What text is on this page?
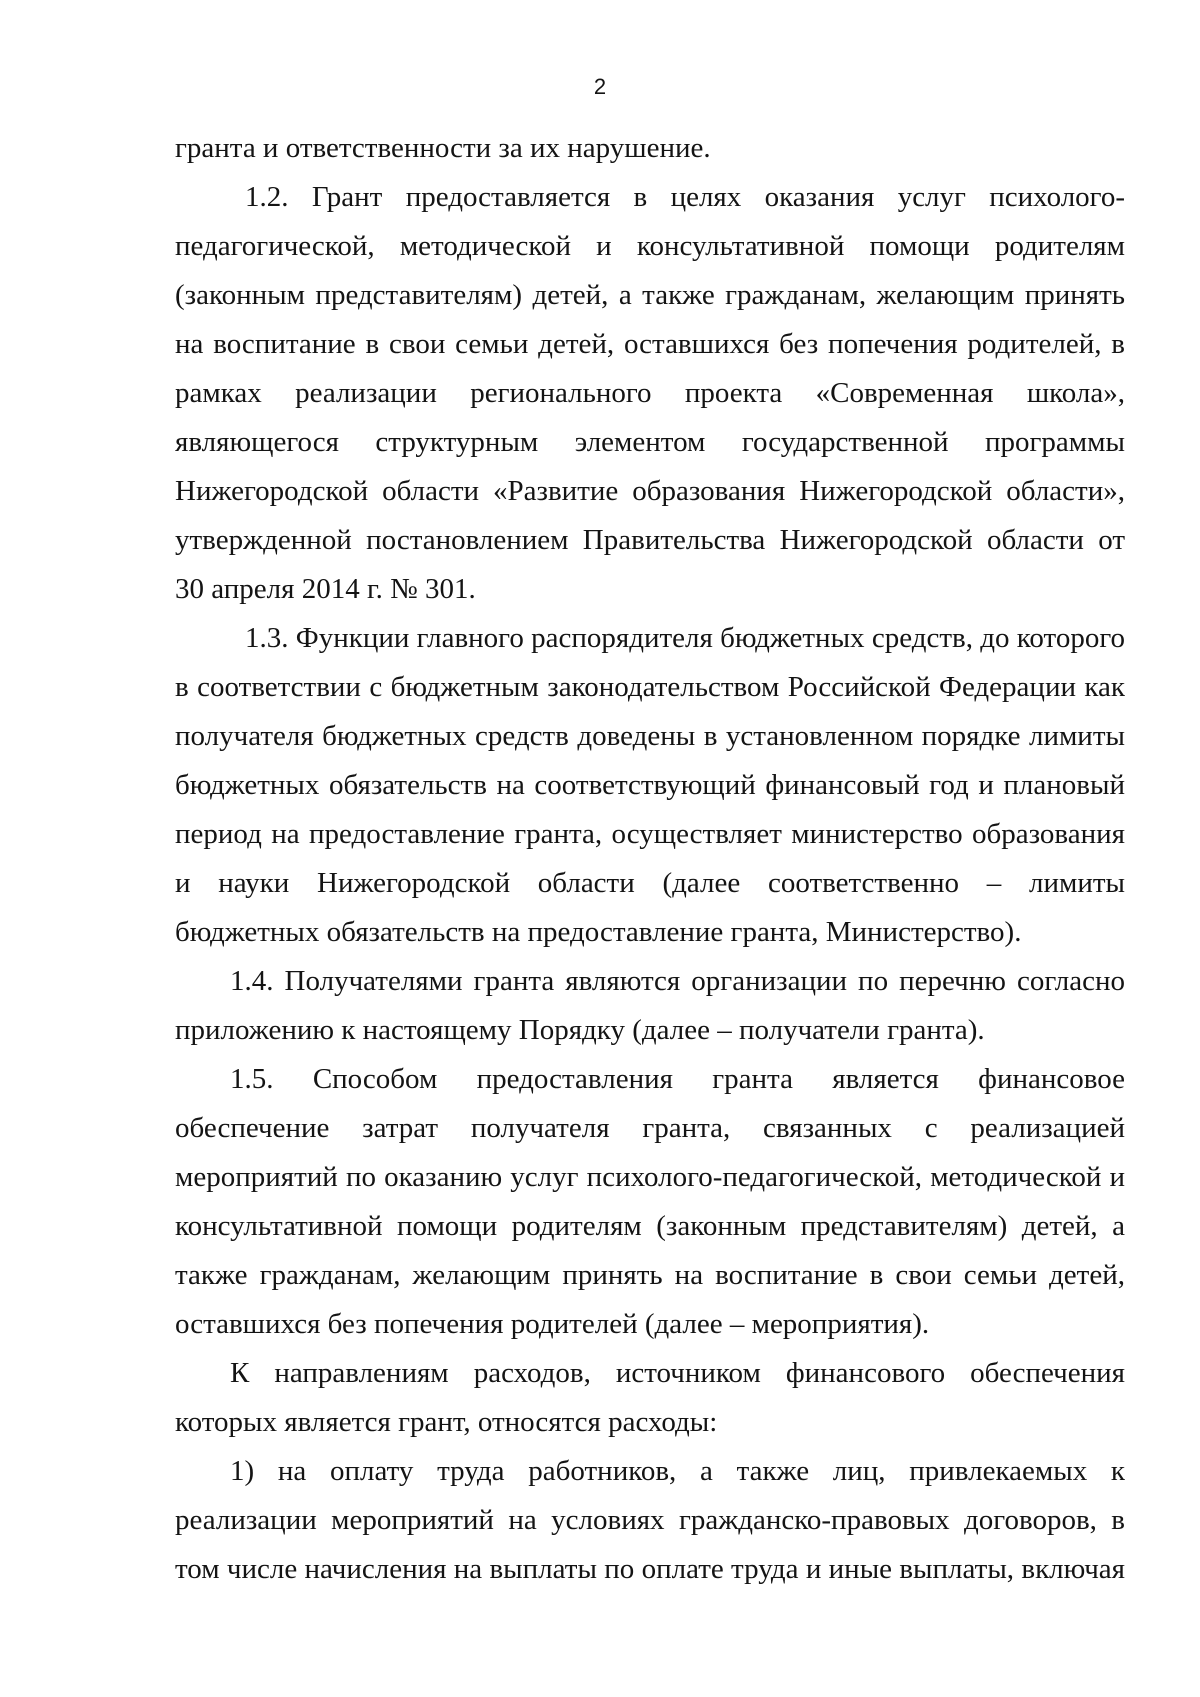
2

гранта и ответственности за их нарушение.

1.2. Грант предоставляется в целях оказания услуг психолого-педагогической, методической и консультативной помощи родителям (законным представителям) детей, а также гражданам, желающим принять на воспитание в свои семьи детей, оставшихся без попечения родителей, в рамках реализации регионального проекта «Современная школа», являющегося структурным элементом государственной программы Нижегородской области «Развитие образования Нижегородской области», утвержденной постановлением Правительства Нижегородской области от 30 апреля 2014 г. № 301.

1.3. Функции главного распорядителя бюджетных средств, до которого в соответствии с бюджетным законодательством Российской Федерации как получателя бюджетных средств доведены в установленном порядке лимиты бюджетных обязательств на соответствующий финансовый год и плановый период на предоставление гранта, осуществляет министерство образования и науки Нижегородской области (далее соответственно – лимиты бюджетных обязательств на предоставление гранта, Министерство).

1.4. Получателями гранта являются организации по перечню согласно приложению к настоящему Порядку (далее – получатели гранта).

1.5. Способом предоставления гранта является финансовое обеспечение затрат получателя гранта, связанных с реализацией мероприятий по оказанию услуг психолого-педагогической, методической и консультативной помощи родителям (законным представителям) детей, а также гражданам, желающим принять на воспитание в свои семьи детей, оставшихся без попечения родителей (далее – мероприятия).

К направлениям расходов, источником финансового обеспечения которых является грант, относятся расходы:

1) на оплату труда работников, а также лиц, привлекаемых к реализации мероприятий на условиях гражданско-правовых договоров, в том числе начисления на выплаты по оплате труда и иные выплаты, включая
